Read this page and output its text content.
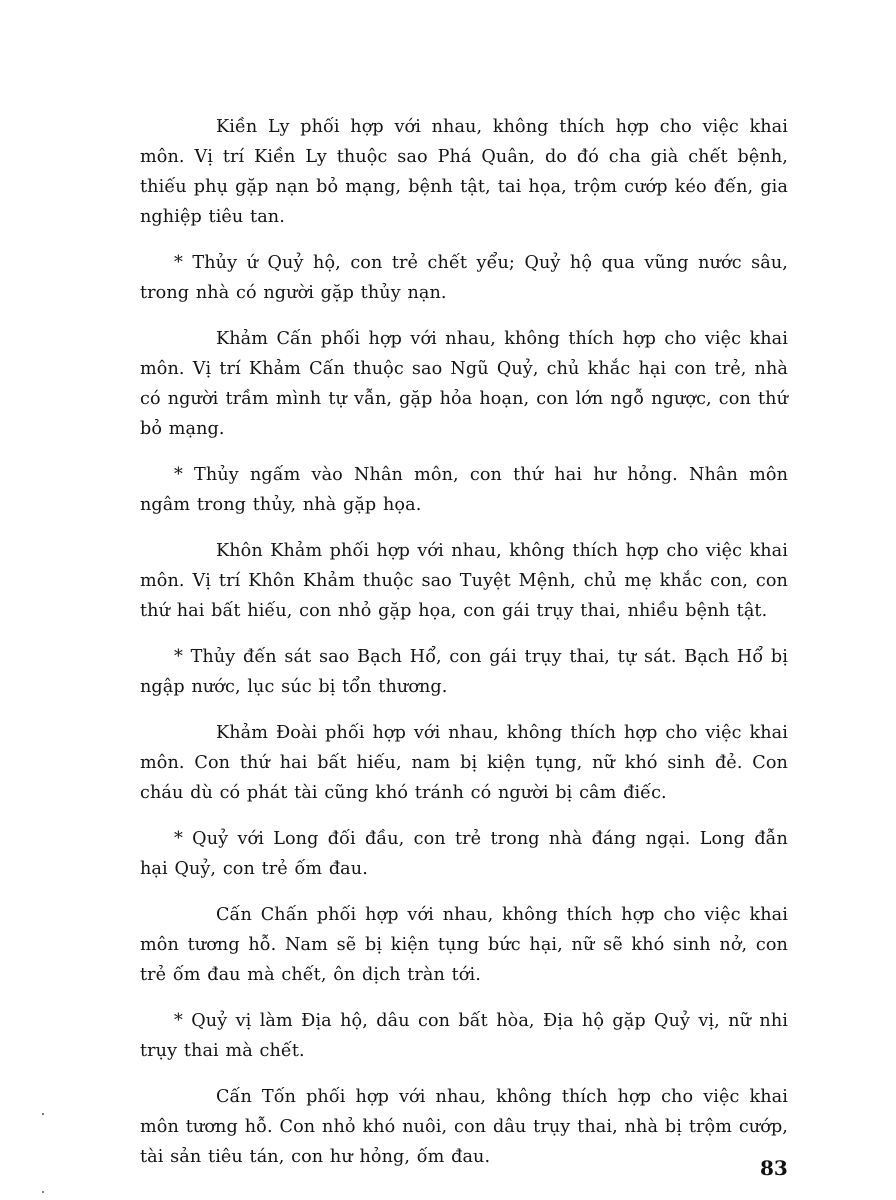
Kiền Ly phối hợp với nhau, không thích hợp cho việc khai môn. Vị trí Kiền Ly thuộc sao Phá Quân, do đó cha già chết bệnh, thiếu phụ gặp nạn bỏ mạng, bệnh tật, tai họa, trộm cướp kéo đến, gia nghiệp tiêu tan.

* Thủy ứ Quỷ hộ, con trẻ chết yểu; Quỷ hộ qua vũng nước sâu, trong nhà có người gặp thủy nạn.

Khảm Cấn phối hợp với nhau, không thích hợp cho việc khai môn. Vị trí Khảm Cấn thuộc sao Ngũ Quỷ, chủ khắc hại con trẻ, nhà có người trầm mình tự vẫn, gặp hỏa hoạn, con lớn ngỗ ngược, con thứ bỏ mạng.

* Thủy ngấm vào Nhân môn, con thứ hai hư hỏng. Nhân môn ngâm trong thủy, nhà gặp họa.

Khôn Khảm phối hợp với nhau, không thích hợp cho việc khai môn. Vị trí Khôn Khảm thuộc sao Tuyệt Mệnh, chủ mẹ khắc con, con thứ hai bất hiếu, con nhỏ gặp họa, con gái trụy thai, nhiều bệnh tật.

* Thủy đến sát sao Bạch Hổ, con gái trụy thai, tự sát. Bạch Hổ bị ngập nước, lục súc bị tổn thương.

Khảm Đoài phối hợp với nhau, không thích hợp cho việc khai môn. Con thứ hai bất hiếu, nam bị kiện tụng, nữ khó sinh đẻ. Con cháu dù có phát tài cũng khó tránh có người bị câm điếc.

* Quỷ với Long đối đầu, con trẻ trong nhà đáng ngại. Long đẫn hại Quỷ, con trẻ ốm đau.

Cấn Chấn phối hợp với nhau, không thích hợp cho việc khai môn tương hỗ. Nam sẽ bị kiện tụng bức hại, nữ sẽ khó sinh nở, con trẻ ốm đau mà chết, ôn dịch tràn tới.

* Quỷ vị làm Địa hộ, dâu con bất hòa, Địa hộ gặp Quỷ vị, nữ nhi trụy thai mà chết.

Cấn Tốn phối hợp với nhau, không thích hợp cho việc khai môn tương hỗ. Con nhỏ khó nuôi, con dâu trụy thai, nhà bị trộm cướp, tài sản tiêu tán, con hư hỏng, ốm đau.	83
